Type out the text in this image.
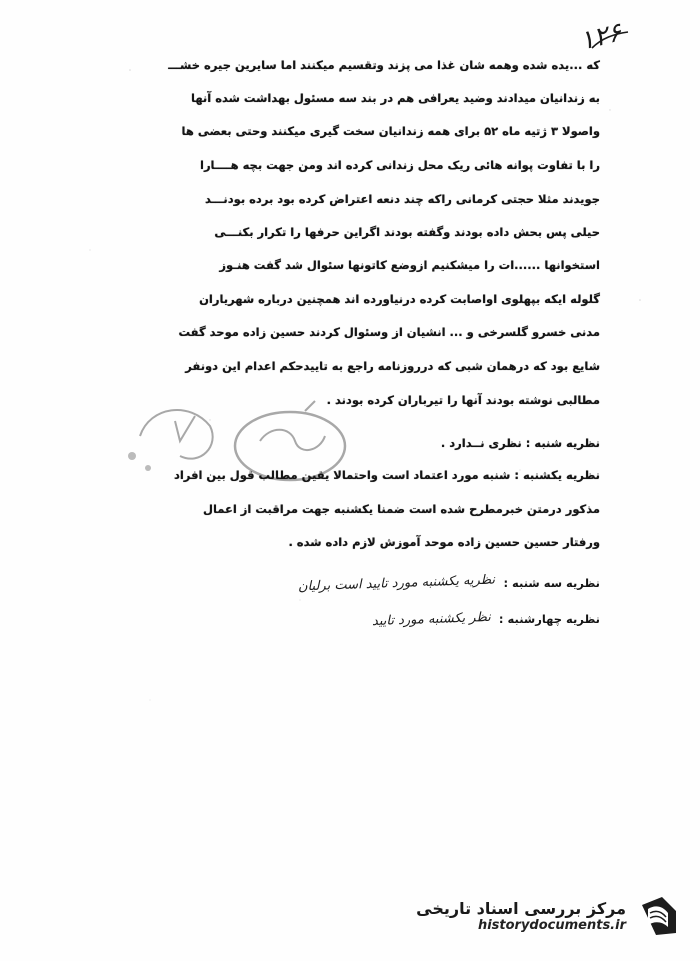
۱۲۶
که ...یده شده وهمه شان غذا می پزند وتقسیم میکنند اما سایرین جیره خشـــ
به زندانیان میدادند وضید یعرافی هم در بند سه مسئول بهداشت شده آنها
واصولا ۳ ژتیه ماه ۵۲ برای همه زندانیان سخت گیری میکنند وحتی بعضی ها
را با تفاوت پوانه هائی ریک محل زندانی کرده اند ومن جهت بچه هــــارا
جویدند مثلا حجتی کرمانی راکه چند دنعه اعتراض کرده بود برده بودنـــد
حیلی پس بحش داده بودند وگفته بودند اگراین حرفها را تکرار بکنـــی
استخوانها ......ات را میشکنیم ازوضع کاتونها سئوال شد گفت هنـوز
گلوله ایکه بپهلوی اواصابت کرده درنیاورده اند همچنین درباره شهریاران
مدنی خسرو گلسرخی و ... انشیان از وسئوال کردند حسین زاده موحد گفت
شایع بود که درهمان شبی که درروزنامه راجع به تاییدحکم اعدام این دونفر
مطالبی نوشته بودند آنها را تیرباران کرده بودند .
نظریه شنبه : نظری نــدارد .
نظریه یکشنبه : شنبه مورد اعتماد است واحتمالا یقین مطالب قول بین افراد
مذکور درمتن خبرمطرح شده است ضمنا یکشنبه جهت مراقبت از اعمال
ورفتار حسین حسین زاده موحد آموزش لازم داده شده .
نظریه سه شنبه :
نظریه یکشنبه مورد تایید است برلیان
نظریه چهارشنبه :
نظر یکشنبه مورد تایید
مرکز بررسی اسناد تاریخی
historydocuments.ir
